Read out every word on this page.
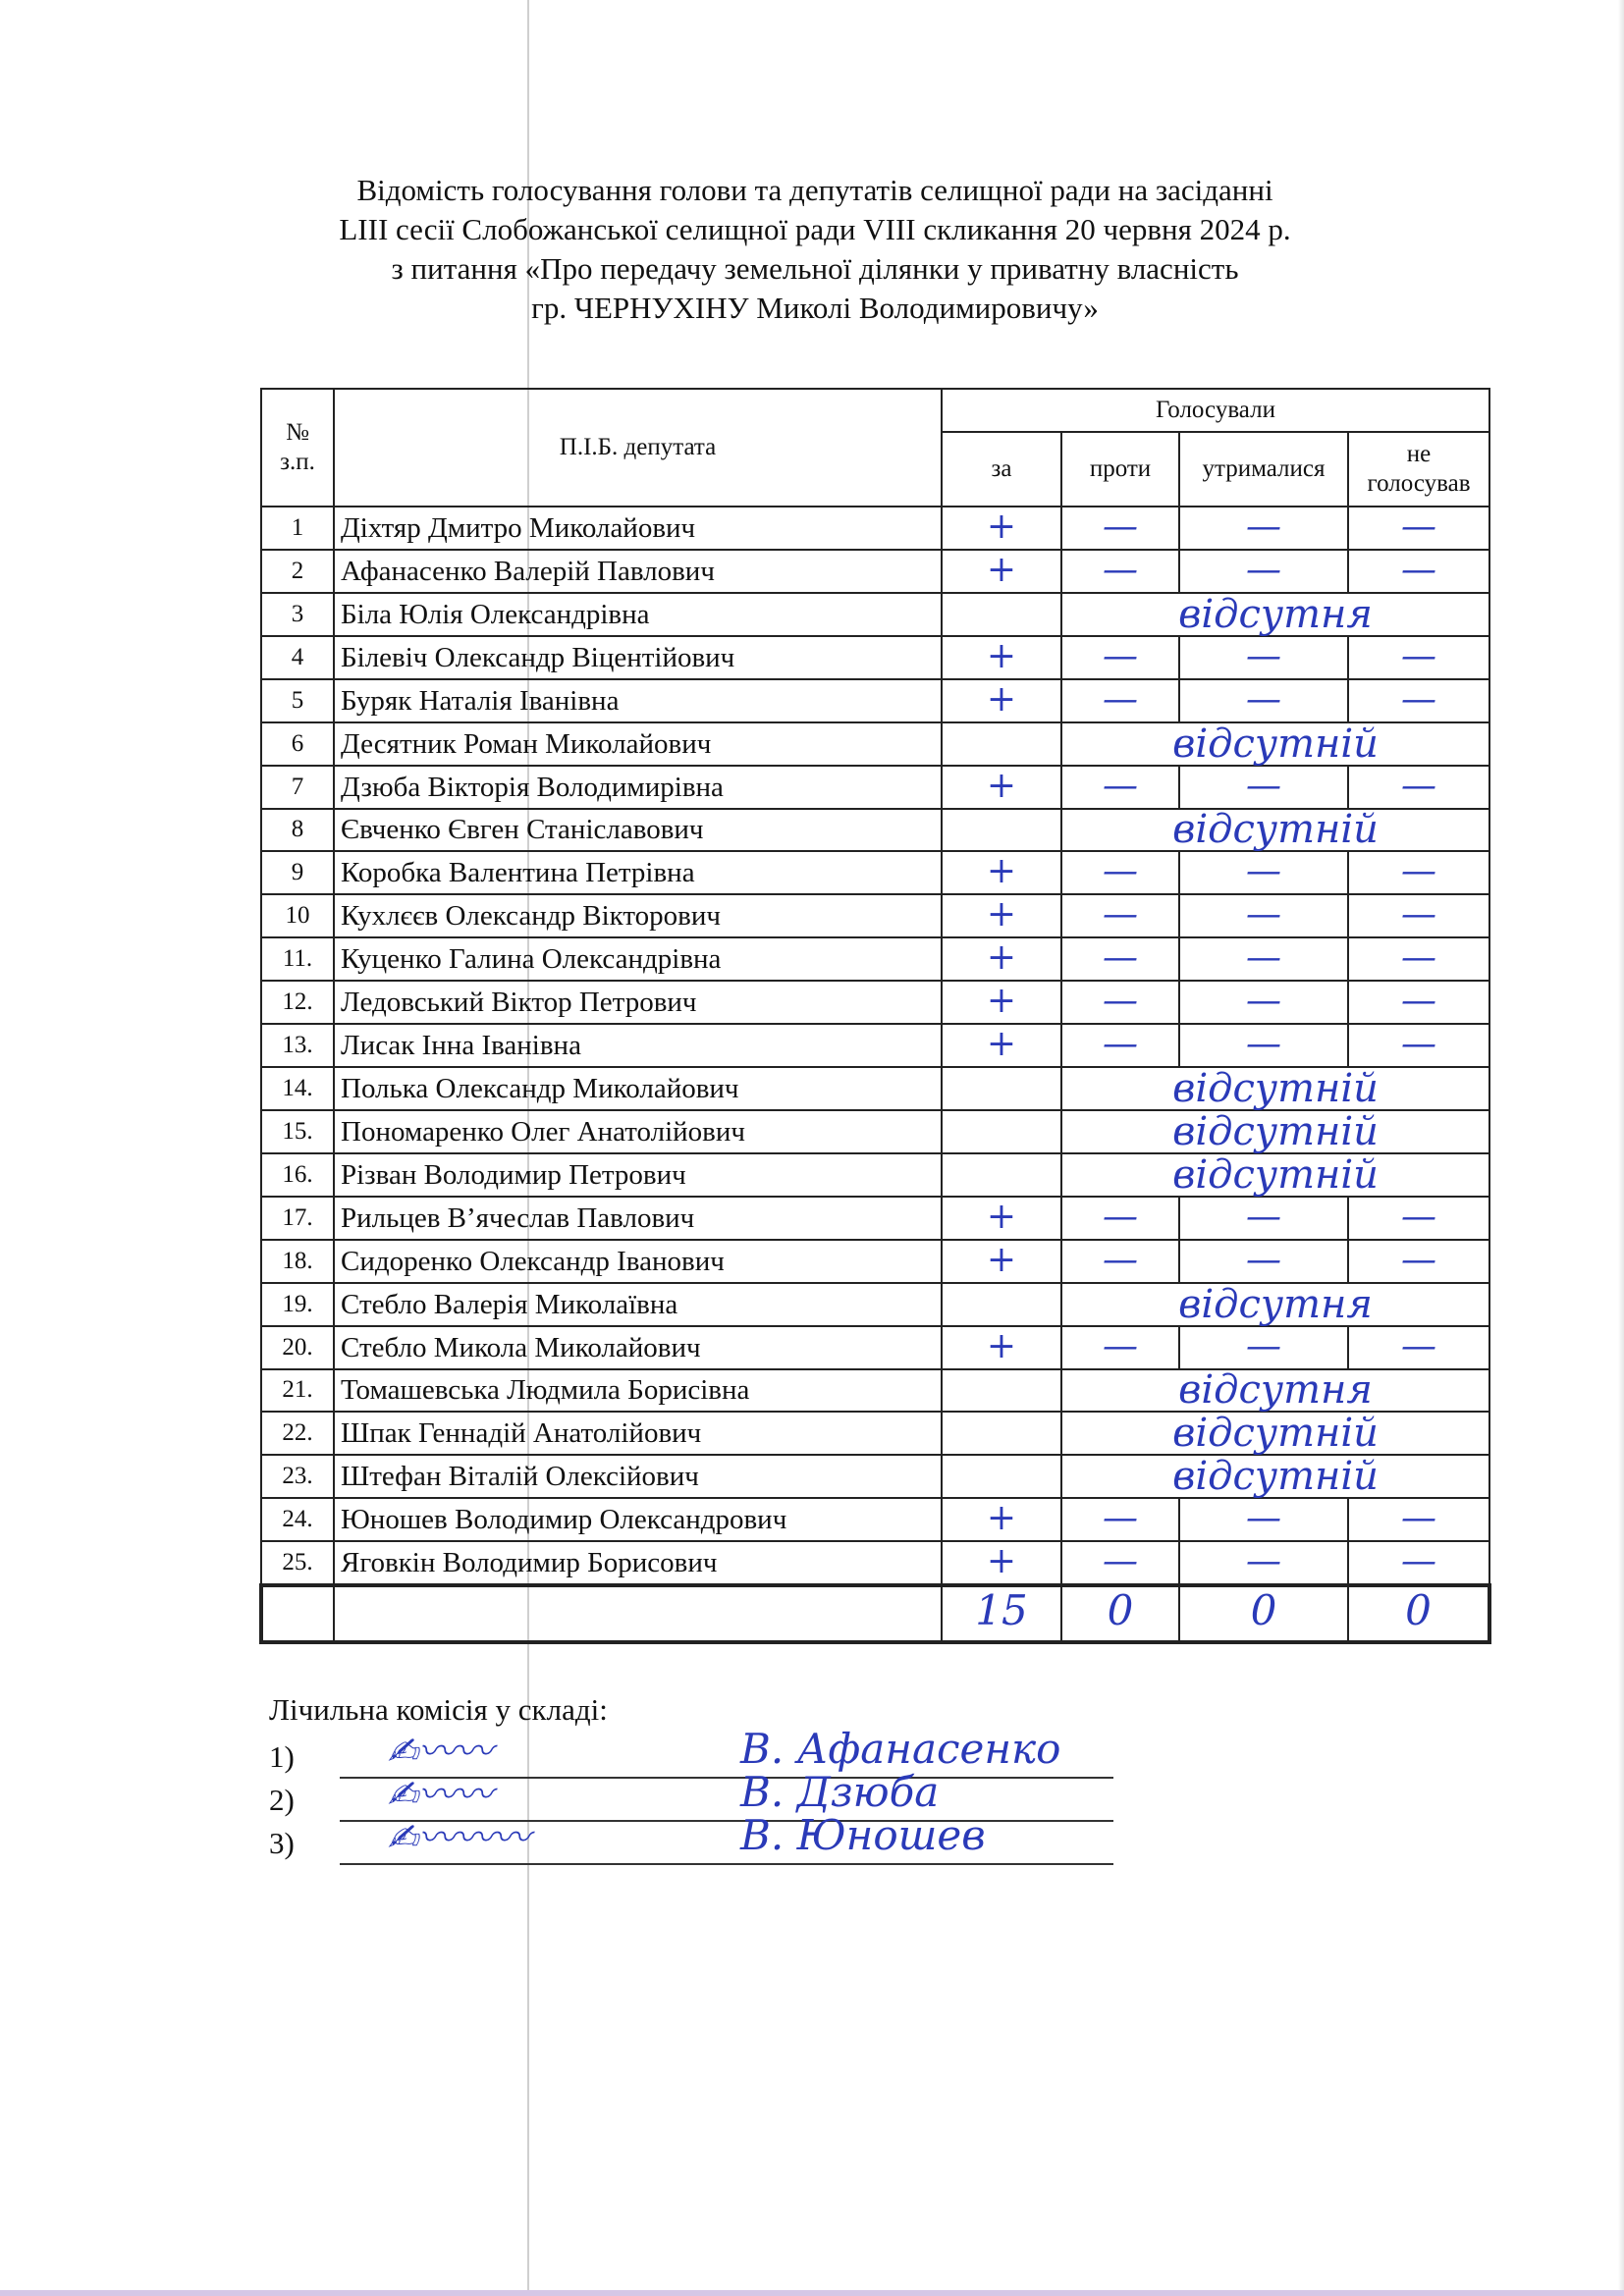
Відомість голосування голови та депутатів селищної ради на засіданні
LIII сесії Слобожанської селищної ради VIII скликання 20 червня 2024 р.
з питання «Про передачу земельної ділянки у приватну власність
гр. ЧЕРНУХІНУ Миколі Володимировичу»
№ з.п.	П.І.Б. депутата	Голосували			
		за	проти	утрималися	не голосував
1	Діхтяр Дмитро Миколайович	+	—	—	—
2	Афанасенко Валерій Павлович	+	—	—	—
3	Біла Юлія Олександрівна		відсутня		

4	Білевіч Олександр Віцентійович	+	—	—	—
5	Буряк Наталія Іванівна	+	—	—	—
6	Десятник Роман Миколайович		відсутній		

7	Дзюба Вікторія Володимирівна	+	—	—	—
8	Євченко Євген Станіславович		відсутній		

9	Коробка Валентина Петрівна	+	—	—	—
10	Кухлєєв Олександр Вікторович	+	—	—	—
11.	Куценко Галина Олександрівна	+	—	—	—
12.	Ледовський Віктор Петрович	+	—	—	—
13.	Лисак Інна Іванівна	+	—	—	—
14.	Полька Олександр Миколайович		відсутній		

15.	Пономаренко Олег Анатолійович		відсутній		

16.	Різван Володимир Петрович		відсутній		

17.	Рильцев В’ячеслав Павлович	+	—	—	—
18.	Сидоренко Олександр Іванович	+	—	—	—
19.	Стебло Валерія Миколаївна		відсутня		

20.	Стебло Микола Миколайович	+	—	—	—
21.	Томашевська Людмила Борисівна		відсутня		

22.	Шпак Геннадій Анатолійович		відсутній		

23.	Штефан Віталій Олексійович		відсутній		

24.	Юношев Володимир Олександрович	+	—	—	—
25.	Яговкін Володимир Борисович	+	—	—	—
		15	0	0	0
Лічильна комісія у складі:
1) ✍︎〰〰	В. Афанасенко
2) ✍︎〰〰	В. Дзюба
3) ✍︎〰〰〰	В. Юношев
